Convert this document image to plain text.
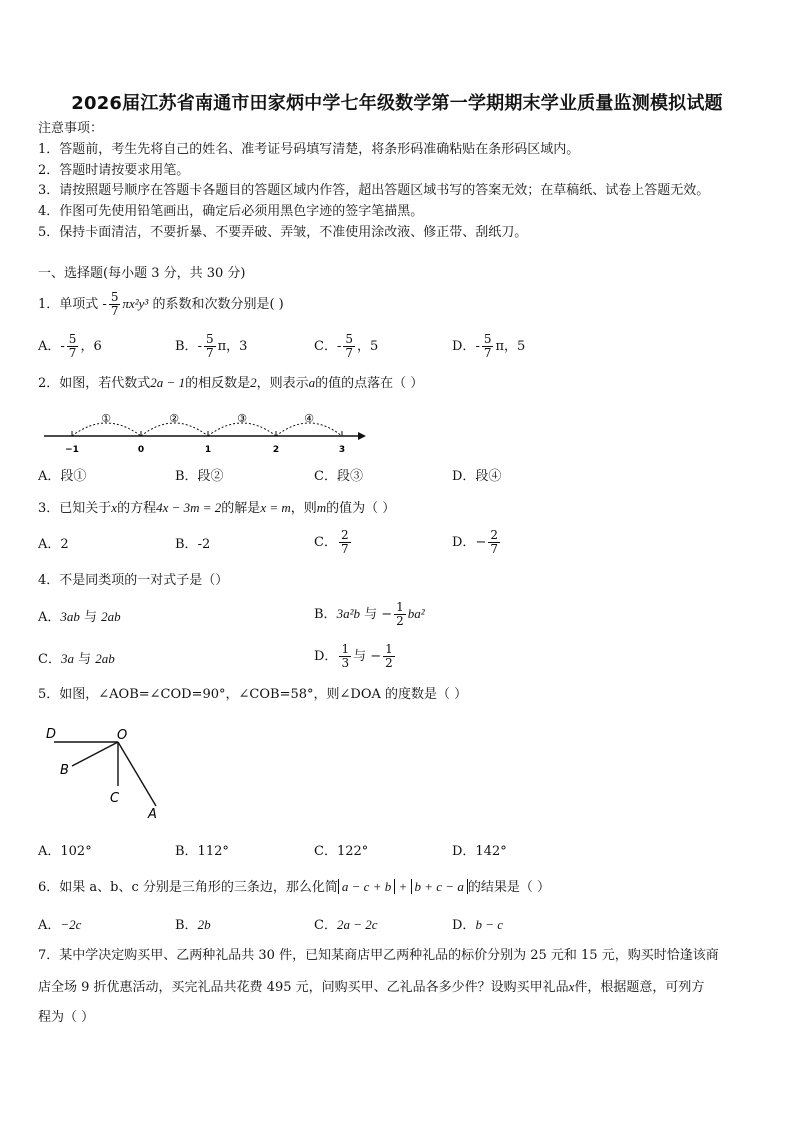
2026届江苏省南通市田家炳中学七年级数学第一学期期末学业质量监测模拟试题
注意事项：
1．答题前，考生先将自己的姓名、准考证号码填写清楚，将条形码准确粘贴在条形码区域内。
2．答题时请按要求用笔。
3．请按照题号顺序在答题卡各题目的答题区域内作答，超出答题区域书写的答案无效；在草稿纸、试卷上答题无效。
4．作图可先使用铅笔画出，确定后必须用黑色字迹的签字笔描黑。
5．保持卡面清洁，不要折暴、不要弄破、弄皱，不准使用涂改液、修正带、刮纸刀。
一、选择题(每小题 3 分，共 30 分)
1．单项式 - $\frac{5}{7} \pi x^2y^3$ 的系数和次数分别是( )
A．- $\frac{5}{7}$ ，6	B．- $\frac{5}{7}$ π，3	C．- $\frac{5}{7}$ ，5	D．- $\frac{5}{7}$ π，5
2．如图，若代数式2a − 1的相反数是2，则表示a的值的点落在（ ）
①	②	③	④
−1	0	1	2	3
A．段①	B．段②	C．段③	D．段④
3．已知关于x的方程4x − 3m = 2的解是x = m，则m的值为（ ）
A．2	B．-2	C． $\frac{2}{7}$	D．− $\frac{2}{7}$
4．不是同类项的一对式子是（）
A．3ab 与 2ab	B．3a²b 与 − $\frac{1}{2} ba^2$
C．3a 与 2ab	D． $\frac{1}{3}$ 与 − $\frac{1}{2}$
5．如图，∠AOB=∠COD=90°，∠COB=58°，则∠DOA 的度数是（ ）
D	O
B
C
A
A．102°	B．112°	C．122°	D．142°
6．如果 a、b、c 分别是三角形的三条边，那么化简 a − c + b + b + c − a 的结果是（ ）
A．−2c	B．2b	C．2a − 2c	D．b − c
7．某中学决定购买甲、乙两种礼品共 30 件，已知某商店甲乙两种礼品的标价分别为 25 元和 15 元，购买时恰逢该商
店全场 9 折优惠活动，买完礼品共花费 495 元，问购买甲、乙礼品各多少件？设购买甲礼品x件，根据题意，可列方
程为（ ）
